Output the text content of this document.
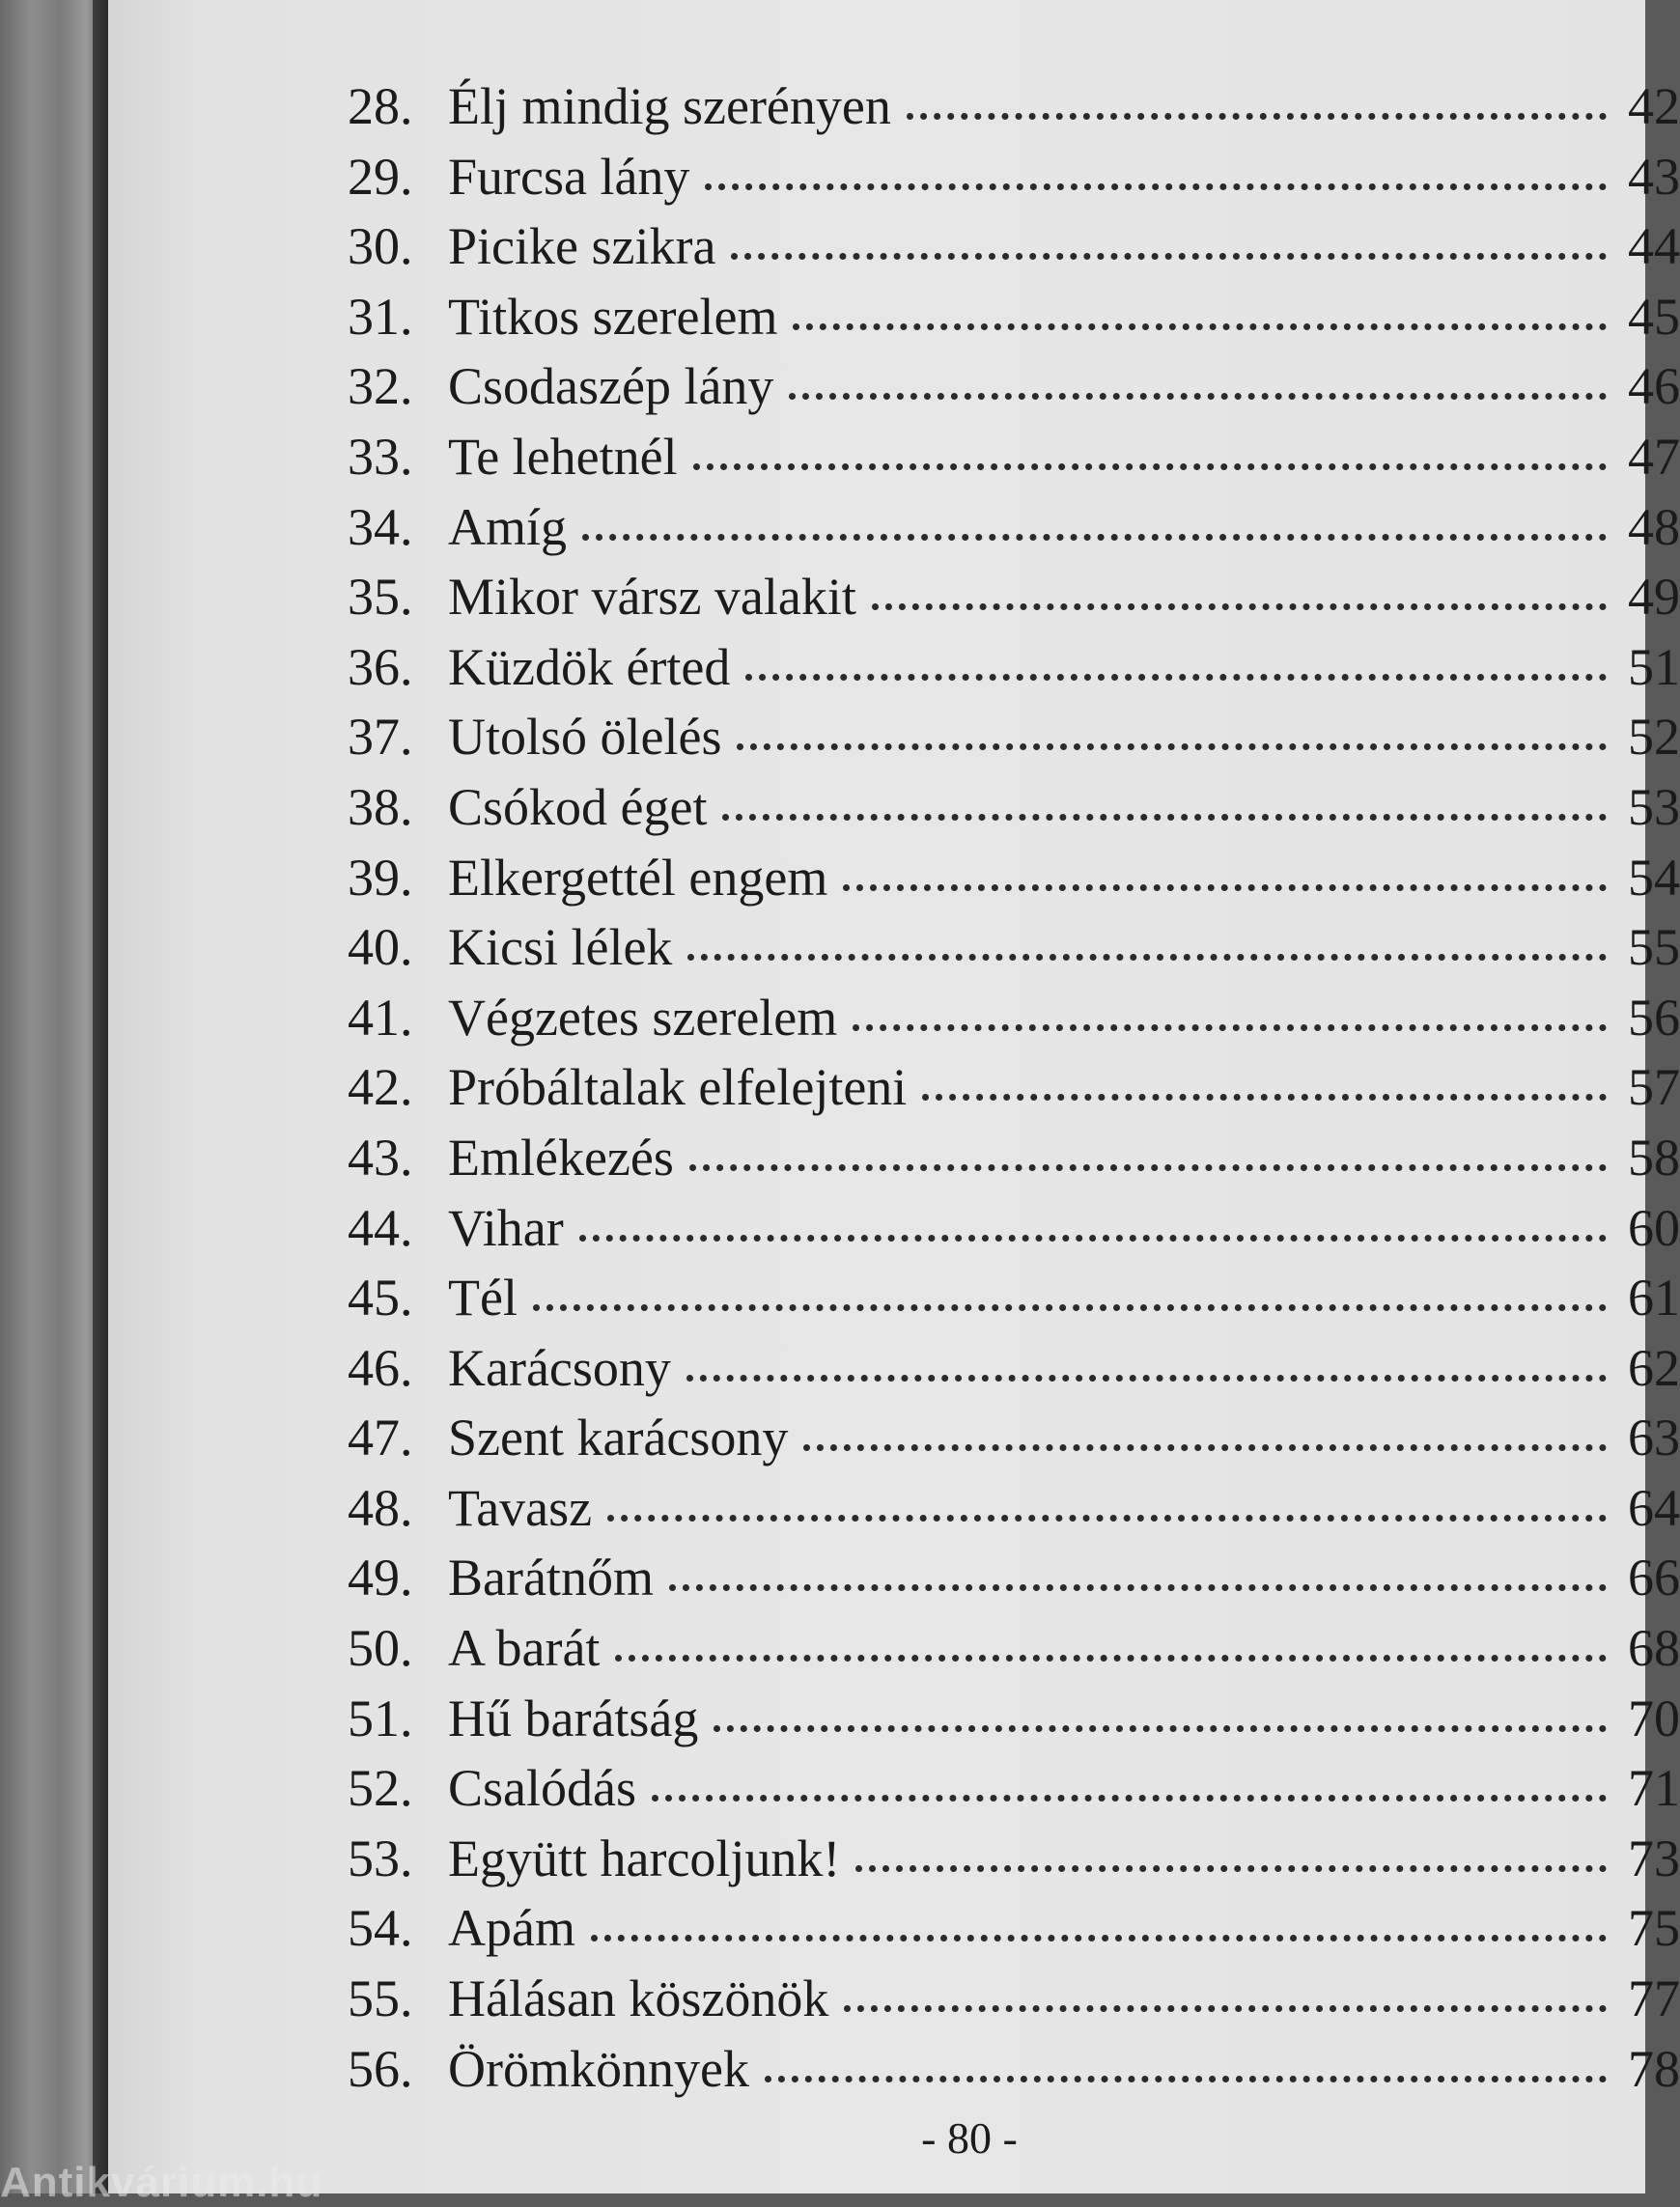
28. Élj mindig szerényen	42
29. Furcsa lány	43
30. Picike szikra	44
31. Titkos szerelem	45
32. Csodaszép lány	46
33. Te lehetnél	47
34. Amíg	48
35. Mikor vársz valakit	49
36. Küzdök érted	51
37. Utolsó ölelés	52
38. Csókod éget	53
39. Elkergettél engem	54
40. Kicsi lélek	55
41. Végzetes szerelem	56
42. Próbáltalak elfelejteni	57
43. Emlékezés	58
44. Vihar	60
45. Tél	61
46. Karácsony	62
47. Szent karácsony	63
48. Tavasz	64
49. Barátnőm	66
50. A barát	68
51. Hű barátság	70
52. Csalódás	71
53. Együtt harcoljunk!	73
54. Apám	75
55. Hálásan köszönök	77
56. Örömkönnyek	78
- 80 -
Antikvárium.hu
